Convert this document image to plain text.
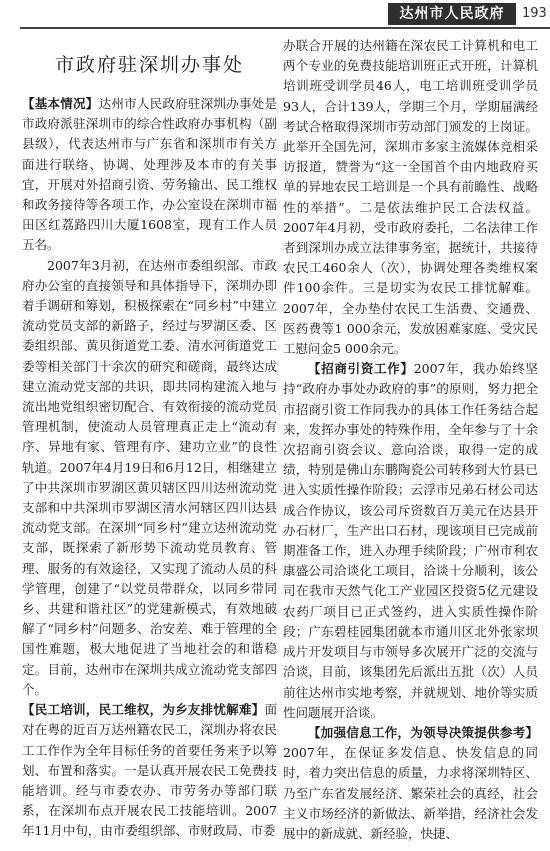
达州市人民政府	193
市政府驻深圳办事处

【基本情况】达州市人民政府驻深圳办事处是市政府派驻深圳市的综合性政府办事机构（副县级），代表达州市与广东省和深圳市有关方面进行联络、协调、处理涉及本市的有关事宜，开展对外招商引资、劳务输出、民工维权和政务接待等各项工作，办公室设在深圳市福田区红荔路四川大厦1608室，现有工作人员五名。

2007年3月初，在达州市委组织部、市政府办公室的直接领导和具体指导下，深圳办即着手调研和筹划，积极探索在“同乡村”中建立流动党员支部的新路子，经过与罗湖区委、区委组织部、黄贝街道党工委、清水河街道党工委等相关部门十余次的研究和磋商，最终达成建立流动党支部的共识，即共同构建流入地与流出地党组织密切配合、有效衔接的流动党员管理机制，使流动人员管理真正走上“流动有序、异地有家、管理有序、建功立业”的良性轨道。2007年4月19日和6月12日，相继建立了中共深圳市罗湖区黄贝辖区四川达州流动党支部和中共深圳市罗湖区清水河辖区四川达县流动党支部。在深圳“同乡村”建立达州流动党支部，既探索了新形势下流动党员教育、管理、服务的有效途径，又实现了流动人员的科学管理，创建了“以党员带群众，以同乡带同乡、共建和谐社区”的党建新模式，有效地破解了“同乡村”问题多、治安差、难于管理的全国性难题，极大地促进了当地社会的和谐稳定。目前，达州市在深圳共成立流动党支部四个。

【民工培训，民工维权，为乡友排忧解难】面对在粤的近百万达州籍农民工，深圳办将农民工工作作为全年目标任务的首要任务来予以筹划、布置和落实。一是认真开展农民工免费技能培训。经与市委农办、市劳务办等部门联系，在深圳布点开展农民工技能培训。2007年11月中旬，由市委组织部、市财政局、市委

办联合开展的达州籍在深农民工计算机和电工两个专业的免费技能培训班正式开班，计算机培训班受训学员46人，电工培训班受训学员93人，合计139人，学期三个月，学期届满经考试合格取得深圳市劳动部门颁发的上岗证。此举开全国先河，深圳市多家主流媒体竞相采访报道，赞誉为“这一全国首个由内地政府买单的异地农民工培训是一个具有前瞻性、战略性的举措”。二是依法维护民工合法权益。2007年4月初，受市政府委托，二名法律工作者到深圳办成立法律事务室，据统计，共接待农民工460余人（次），协调处理各类维权案件100余件。三是切实为农民工排忧解难。2007年，全办垫付农民工生活费、交通费、医药费等1 000余元，发放困难家庭、受灾民工慰问金5 000余元。

【招商引资工作】2007年，我办始终坚持“政府办事处办政府的事”的原则，努力把全市招商引资工作同我办的具体工作任务结合起来，发挥办事处的特殊作用，全年参与了十余次招商引资会议、意向洽谈，取得一定的成绩，特别是佛山东鹏陶瓷公司转移到大竹县已进入实质性操作阶段；云浮市兄弟石材公司达成合作协议，该公司斥资数百万美元在达县开办石材厂，生产出口石材，现该项目已完成前期准备工作，进入办理手续阶段；广州市利农康盛公司洽谈化工项目，洽谈十分顺利，该公司在我市天然气化工产业园区投资5亿元建设农药厂项目已正式签约，进入实质性操作阶段；广东碧桂园集团就本市通川区北外张家坝成片开发项目与市领导多次展开广泛的交流与洽谈，目前，该集团先后派出五批（次）人员前往达州市实地考察，并就规划、地价等实质性问题展开洽谈。

【加强信息工作，为领导决策提供参考】2007年，在保证多发信息、快发信息的同时，着力突出信息的质量，力求将深圳特区、乃至广东省发展经济、繁荣社会的真经，社会主义市场经济的新做法、新举措，经济社会发展中的新成就、新经验，快捷、
